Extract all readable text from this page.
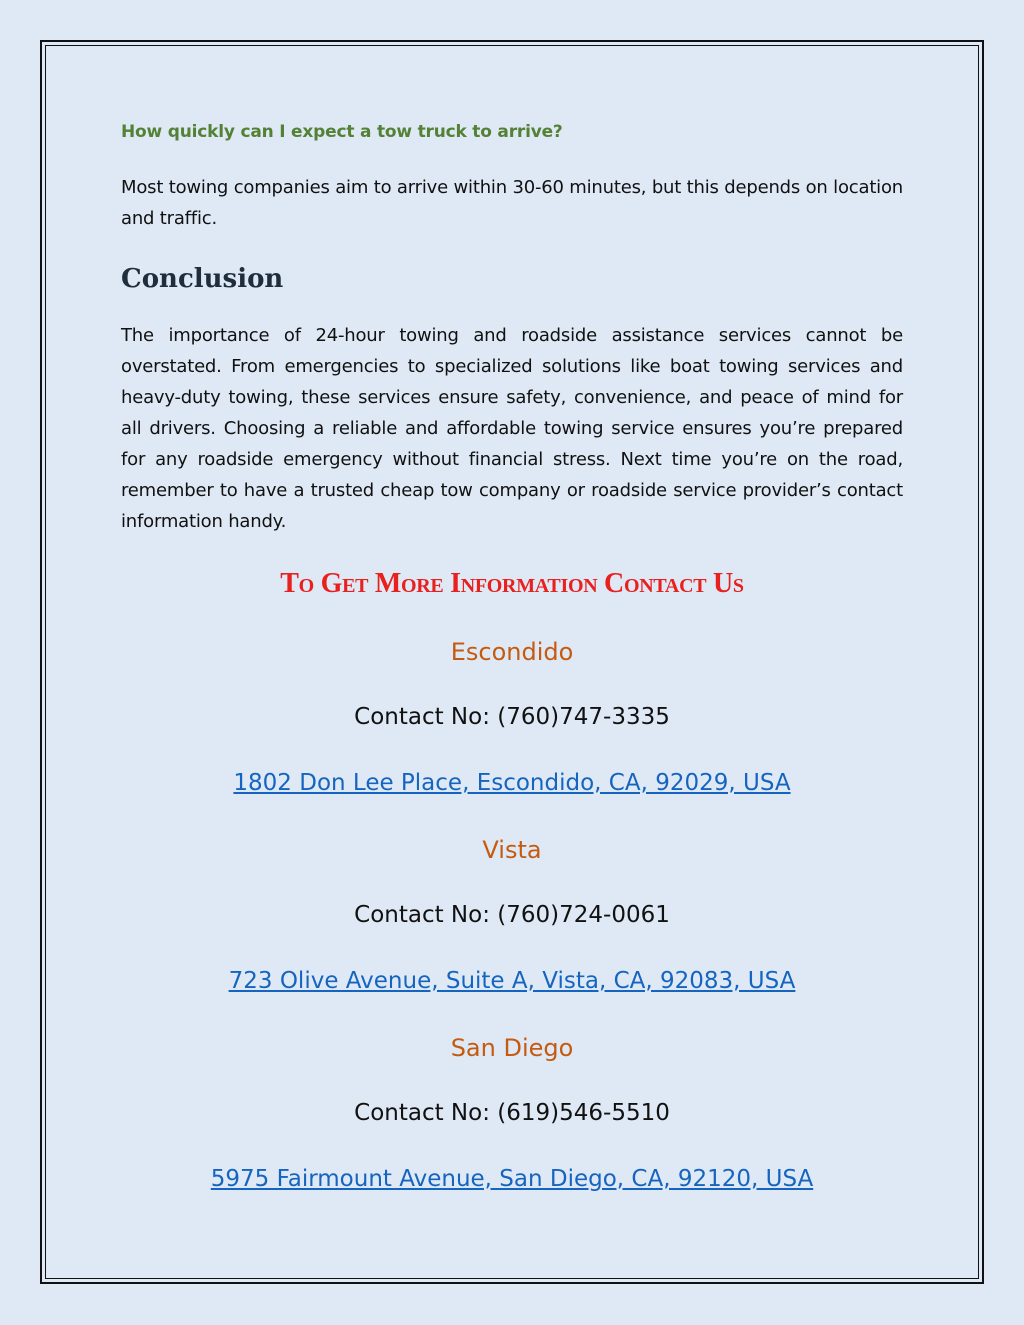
How quickly can I expect a tow truck to arrive?

Most towing companies aim to arrive within 30-60 minutes, but this depends on location and traffic.

Conclusion

The importance of 24-hour towing and roadside assistance services cannot be overstated. From emergencies to specialized solutions like boat towing services and heavy-duty towing, these services ensure safety, convenience, and peace of mind for all drivers. Choosing a reliable and affordable towing service ensures you’re prepared for any roadside emergency without financial stress. Next time you’re on the road, remember to have a trusted cheap tow company or roadside service provider’s contact information handy.

To Get More Information Contact Us

Escondido

Contact No: (760)747-3335

1802 Don Lee Place, Escondido, CA, 92029, USA

Vista

Contact No: (760)724-0061

723 Olive Avenue, Suite A, Vista, CA, 92083, USA

San Diego

Contact No: (619)546-5510

5975 Fairmount Avenue, San Diego, CA, 92120, USA
